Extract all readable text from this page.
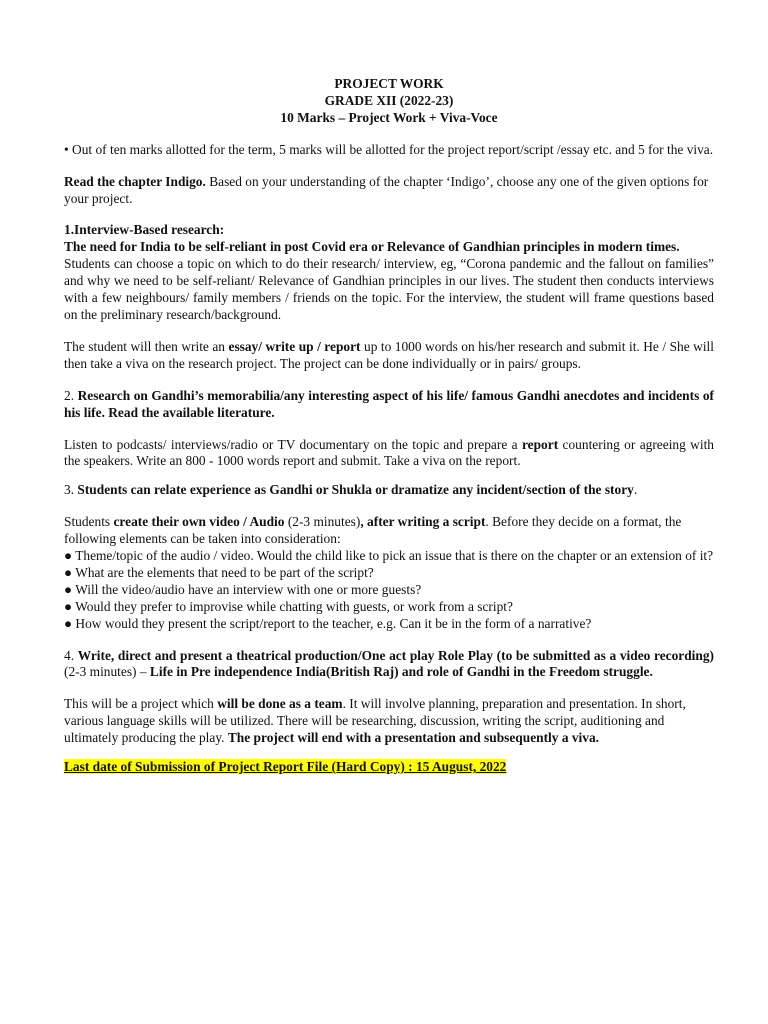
PROJECT WORK
GRADE XII (2022-23)
10 Marks – Project Work + Viva-Voce

• Out of ten marks allotted for the term, 5 marks will be allotted for the project report/script /essay etc. and 5 for the viva.

Read the chapter Indigo. Based on your understanding of the chapter ‘Indigo’, choose any one of the given options for your project.

1.Interview-Based research:

The need for India to be self-reliant in post Covid era or Relevance of Gandhian principles in modern times.

Students can choose a topic on which to do their research/ interview, eg, “Corona pandemic and the fallout on families” and why we need to be self-reliant/ Relevance of Gandhian principles in our lives. The student then conducts interviews with a few neighbours/ family members / friends on the topic. For the interview, the student will frame questions based on the preliminary research/background.

The student will then write an essay/ write up / report up to 1000 words on his/her research and submit it. He / She will then take a viva on the research project. The project can be done individually or in pairs/ groups.

2. Research on Gandhi’s memorabilia/any interesting aspect of his life/ famous Gandhi anecdotes and incidents of his life. Read the available literature.

Listen to podcasts/ interviews/radio or TV documentary on the topic and prepare a report countering or agreeing with the speakers. Write an 800 - 1000 words report and submit. Take a viva on the report.

3. Students can relate experience as Gandhi or Shukla or dramatize any incident/section of the story.

Students create their own video / Audio (2-3 minutes), after writing a script. Before they decide on a format, the following elements can be taken into consideration:

● Theme/topic of the audio / video. Would the child like to pick an issue that is there on the chapter or an extension of it?

● What are the elements that need to be part of the script?

● Will the video/audio have an interview with one or more guests?

● Would they prefer to improvise while chatting with guests, or work from a script?

● How would they present the script/report to the teacher, e.g. Can it be in the form of a narrative?

4. Write, direct and present a theatrical production/One act play Role Play (to be submitted as a video recording)(2-3 minutes) – Life in Pre independence India(British Raj) and role of Gandhi in the Freedom struggle.

This will be a project which will be done as a team. It will involve planning, preparation and presentation. In short, various language skills will be utilized. There will be researching, discussion, writing the script, auditioning and ultimately producing the play. The project will end with a presentation and subsequently a viva.

Last date of Submission of Project Report File (Hard Copy) : 15 August, 2022
